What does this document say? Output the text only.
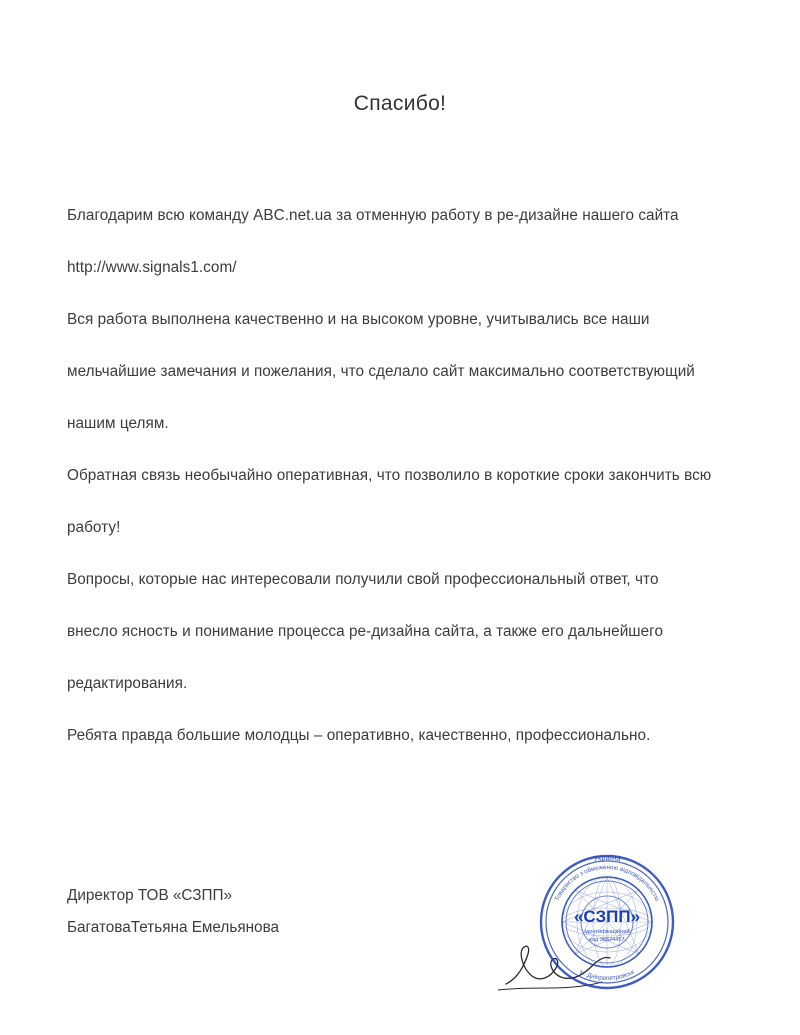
Спасибо!

Благодарим всю команду ABC.net.ua за отменную работу в ре-дизайне нашего сайта http://www.signals1.com/

Вся работа выполнена качественно и на высоком уровне, учитывались все наши мельчайшие замечания и пожелания, что сделало сайт максимально соответствующий нашим целям.

Обратная связь необычайно оперативная, что позволило в короткие сроки закончить всю работу!

Вопросы, которые нас интересовали получили свой профессиональный ответ, что внесло ясность и понимание процесса ре-дизайна сайта, а также его дальнейшего редактирования.

Ребята правда большие молодцы – оперативно, качественно, профессионально.

Директор ТОВ «СЗПП»
БагатоваТетьяна Емельянова
Україна
Товариство з обмеженою відповідальністю
м. Дніпропетровськ
«СЗПП»
Ідентифікаційний
код 38824457
